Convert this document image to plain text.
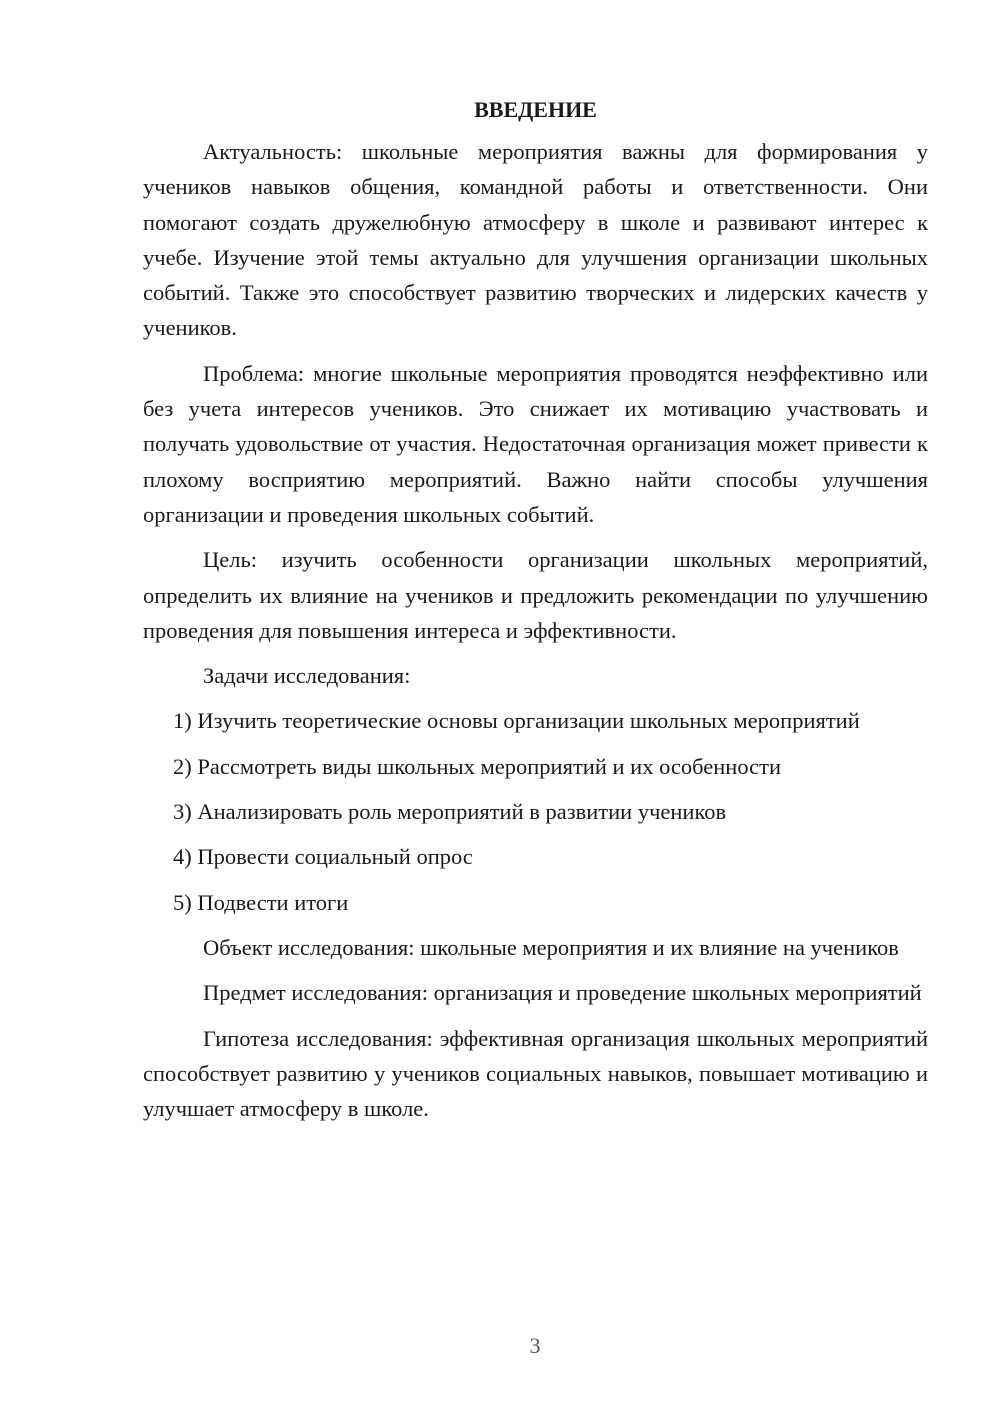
ВВЕДЕНИЕ

Актуальность: школьные мероприятия важны для формирования у учеников навыков общения, командной работы и ответственности. Они помогают создать дружелюбную атмосферу в школе и развивают интерес к учебе. Изучение этой темы актуально для улучшения организации школьных событий. Также это способствует развитию творческих и лидерских качеств у учеников.

Проблема: многие школьные мероприятия проводятся неэффективно или без учета интересов учеников. Это снижает их мотивацию участвовать и получать удовольствие от участия. Недостаточная организация может привести к плохому восприятию мероприятий. Важно найти способы улучшения организации и проведения школьных событий.

Цель: изучить особенности организации школьных мероприятий, определить их влияние на учеников и предложить рекомендации по улучшению проведения для повышения интереса и эффективности.

Задачи исследования:

1) Изучить теоретические основы организации школьных мероприятий

2) Рассмотреть виды школьных мероприятий и их особенности

3) Анализировать роль мероприятий в развитии учеников

4) Провести социальный опрос

5) Подвести итоги

Объект исследования: школьные мероприятия и их влияние на учеников

Предмет исследования: организация и проведение школьных мероприятий

Гипотеза исследования: эффективная организация школьных мероприятий способствует развитию у учеников социальных навыков, повышает мотивацию и улучшает атмосферу в школе.

3
